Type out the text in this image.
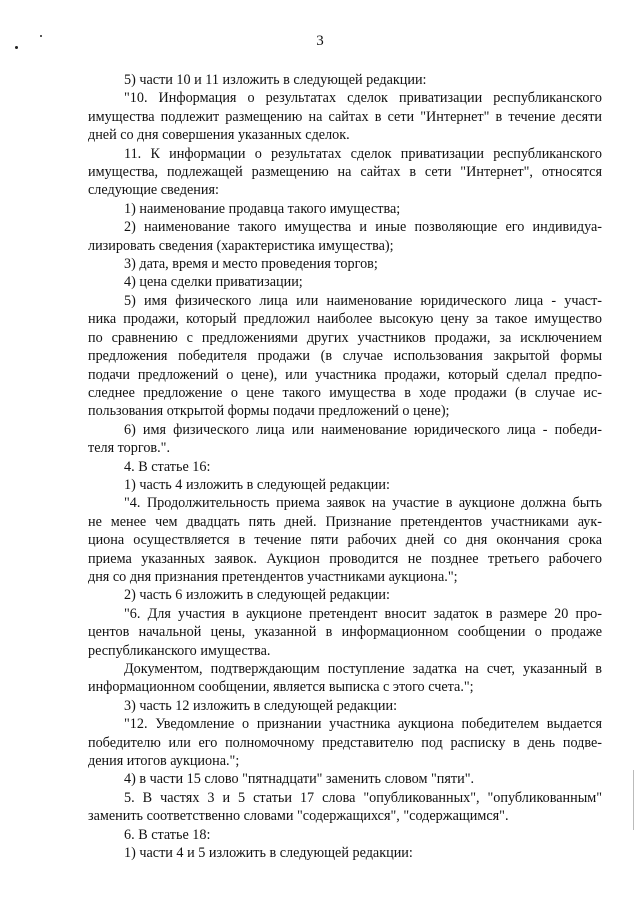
3
5) части 10 и 11 изложить в следующей редакции:
"10. Информация о результатах сделок приватизации республиканского
имущества подлежит размещению на сайтах в сети "Интернет" в течение десяти
дней со дня совершения указанных сделок.
11. К информации о результатах сделок приватизации республиканского
имущества, подлежащей размещению на сайтах в сети "Интернет", относятся
следующие сведения:
1) наименование продавца такого имущества;
2) наименование такого имущества и иные позволяющие его индивидуа-
лизировать сведения (характеристика имущества);
3) дата, время и место проведения торгов;
4) цена сделки приватизации;
5) имя физического лица или наименование юридического лица - участ-
ника продажи, который предложил наиболее высокую цену за такое имущество
по сравнению с предложениями других участников продажи, за исключением
предложения победителя продажи (в случае использования закрытой формы
подачи предложений о цене), или участника продажи, который сделал предпо-
следнее предложение о цене такого имущества в ходе продажи (в случае ис-
пользования открытой формы подачи предложений о цене);
6) имя физического лица или наименование юридического лица - победи-
теля торгов.".
4. В статье 16:
1) часть 4 изложить в следующей редакции:
"4. Продолжительность приема заявок на участие в аукционе должна быть
не менее чем двадцать пять дней. Признание претендентов участниками аук-
циона осуществляется в течение пяти рабочих дней со дня окончания срока
приема указанных заявок. Аукцион проводится не позднее третьего рабочего
дня со дня признания претендентов участниками аукциона.";
2) часть 6 изложить в следующей редакции:
"6. Для участия в аукционе претендент вносит задаток в размере 20 про-
центов начальной цены, указанной в информационном сообщении о продаже
республиканского имущества.
Документом, подтверждающим поступление задатка на счет, указанный в
информационном сообщении, является выписка с этого счета.";
3) часть 12 изложить в следующей редакции:
"12. Уведомление о признании участника аукциона победителем выдается
победителю или его полномочному представителю под расписку в день подве-
дения итогов аукциона.";
4) в части 15 слово "пятнадцати" заменить словом "пяти".
5. В частях 3 и 5 статьи 17 слова "опубликованных", "опубликованным"
заменить соответственно словами "содержащихся", "содержащимся".
6. В статье 18:
1) части 4 и 5 изложить в следующей редакции:
